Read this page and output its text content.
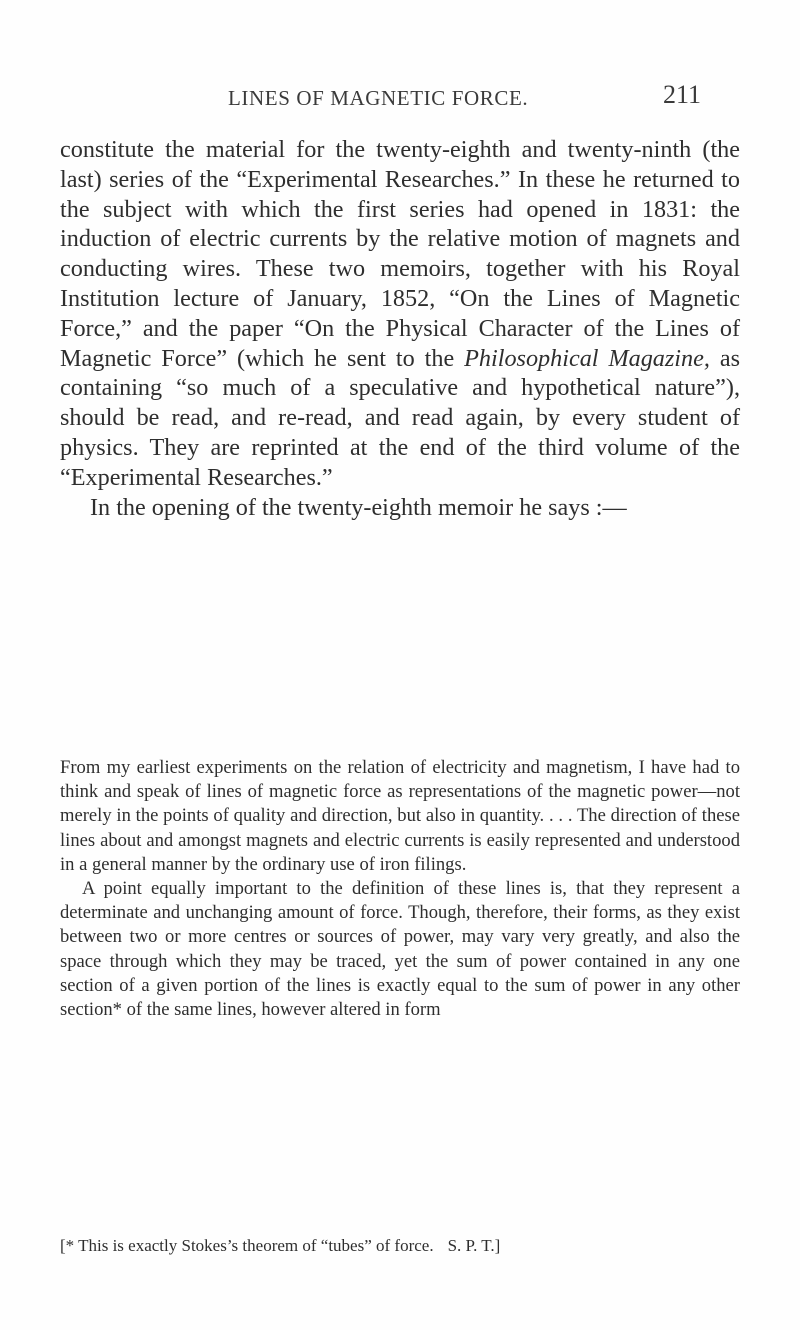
LINES OF MAGNETIC FORCE.	211

constitute the material for the twenty-eighth and twenty-ninth (the last) series of the “Experimental Researches.” In these he returned to the subject with which the first series had opened in 1831: the induction of electric currents by the relative motion of magnets and conducting wires. These two memoirs, together with his Royal Institution lecture of January, 1852, “On the Lines of Magnetic Force,” and the paper “On the Physical Character of the Lines of Magnetic Force” (which he sent to the Philosophical Magazine, as containing “so much of a speculative and hypothetical nature”), should be read, and re-read, and read again, by every student of physics. They are reprinted at the end of the third volume of the “Experimental Researches.”

In the opening of the twenty-eighth memoir he says :—

From my earliest experiments on the relation of electricity and magnetism, I have had to think and speak of lines of magnetic force as representations of the magnetic power—not merely in the points of quality and direction, but also in quantity. . . . The direction of these lines about and amongst magnets and electric currents is easily represented and understood in a general manner by the ordinary use of iron filings.

A point equally important to the definition of these lines is, that they represent a determinate and unchanging amount of force. Though, therefore, their forms, as they exist between two or more centres or sources of power, may vary very greatly, and also the space through which they may be traced, yet the sum of power contained in any one section of a given portion of the lines is exactly equal to the sum of power in any other section* of the same lines, however altered in form

[* This is exactly Stokes’s theorem of “tubes” of force. S. P. T.]
